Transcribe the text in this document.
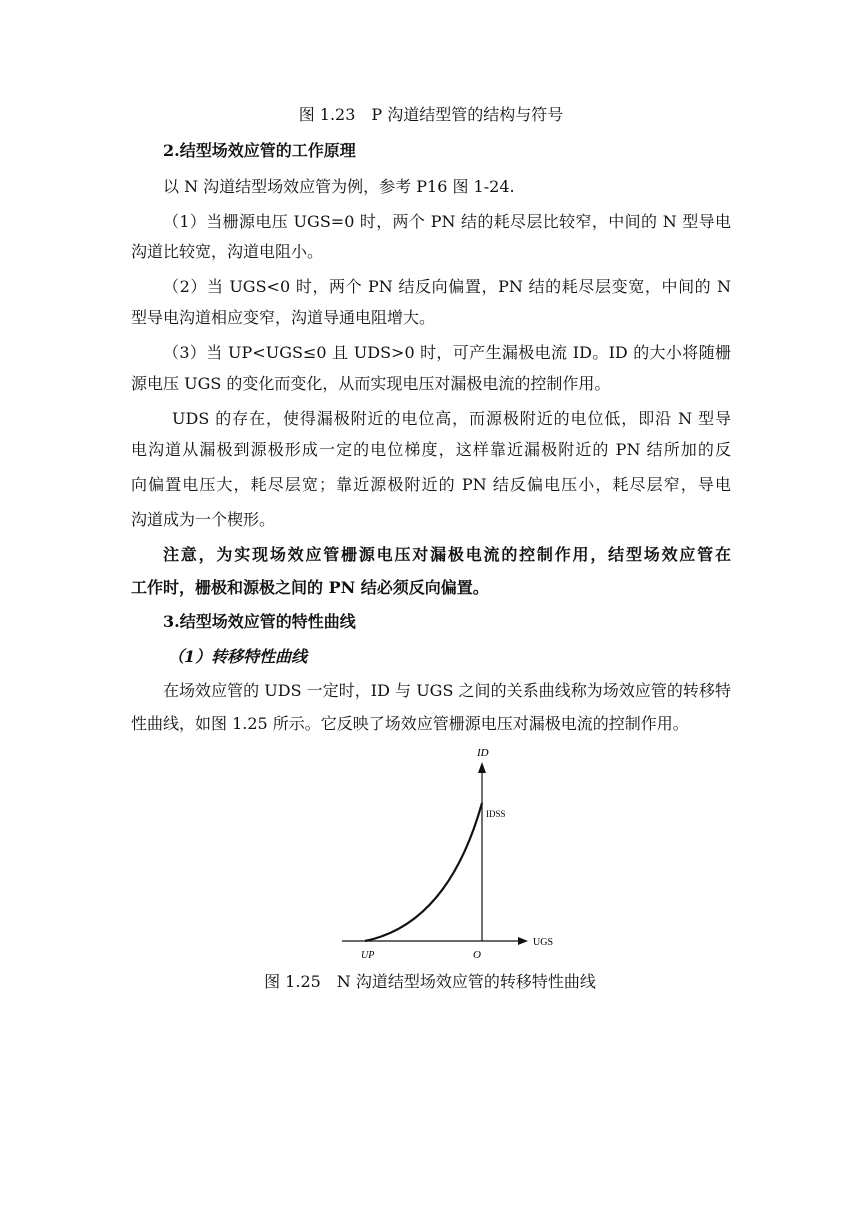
图 1.23　P 沟道结型管的结构与符号
2.结型场效应管的工作原理
以 N 沟道结型场效应管为例，参考 P16 图 1-24.
（1）当栅源电压 UGS=0 时，两个 PN 结的耗尽层比较窄，中间的 N 型导电
沟道比较宽，沟道电阻小。
（2）当 UGS<0 时，两个 PN 结反向偏置，PN 结的耗尽层变宽，中间的 N
型导电沟道相应变窄，沟道导通电阻增大。
（3）当 UP<UGS≤0 且 UDS>0 时，可产生漏极电流 ID。ID 的大小将随栅
源电压 UGS 的变化而变化，从而实现电压对漏极电流的控制作用。
UDS 的存在，使得漏极附近的电位高，而源极附近的电位低，即沿 N 型导
电沟道从漏极到源极形成一定的电位梯度，这样靠近漏极附近的 PN 结所加的反
向偏置电压大，耗尽层宽；靠近源极附近的 PN 结反偏电压小，耗尽层窄，导电
沟道成为一个楔形。
注意，为实现场效应管栅源电压对漏极电流的控制作用，结型场效应管在
工作时，栅极和源极之间的 PN 结必须反向偏置。
3.结型场效应管的特性曲线
（1）转移特性曲线
在场效应管的 UDS 一定时，ID 与 UGS 之间的关系曲线称为场效应管的转移特
性曲线，如图 1.25 所示。它反映了场效应管栅源电压对漏极电流的控制作用。
ID
IDSS
UGS
UP	O
图 1.25　N 沟道结型场效应管的转移特性曲线
